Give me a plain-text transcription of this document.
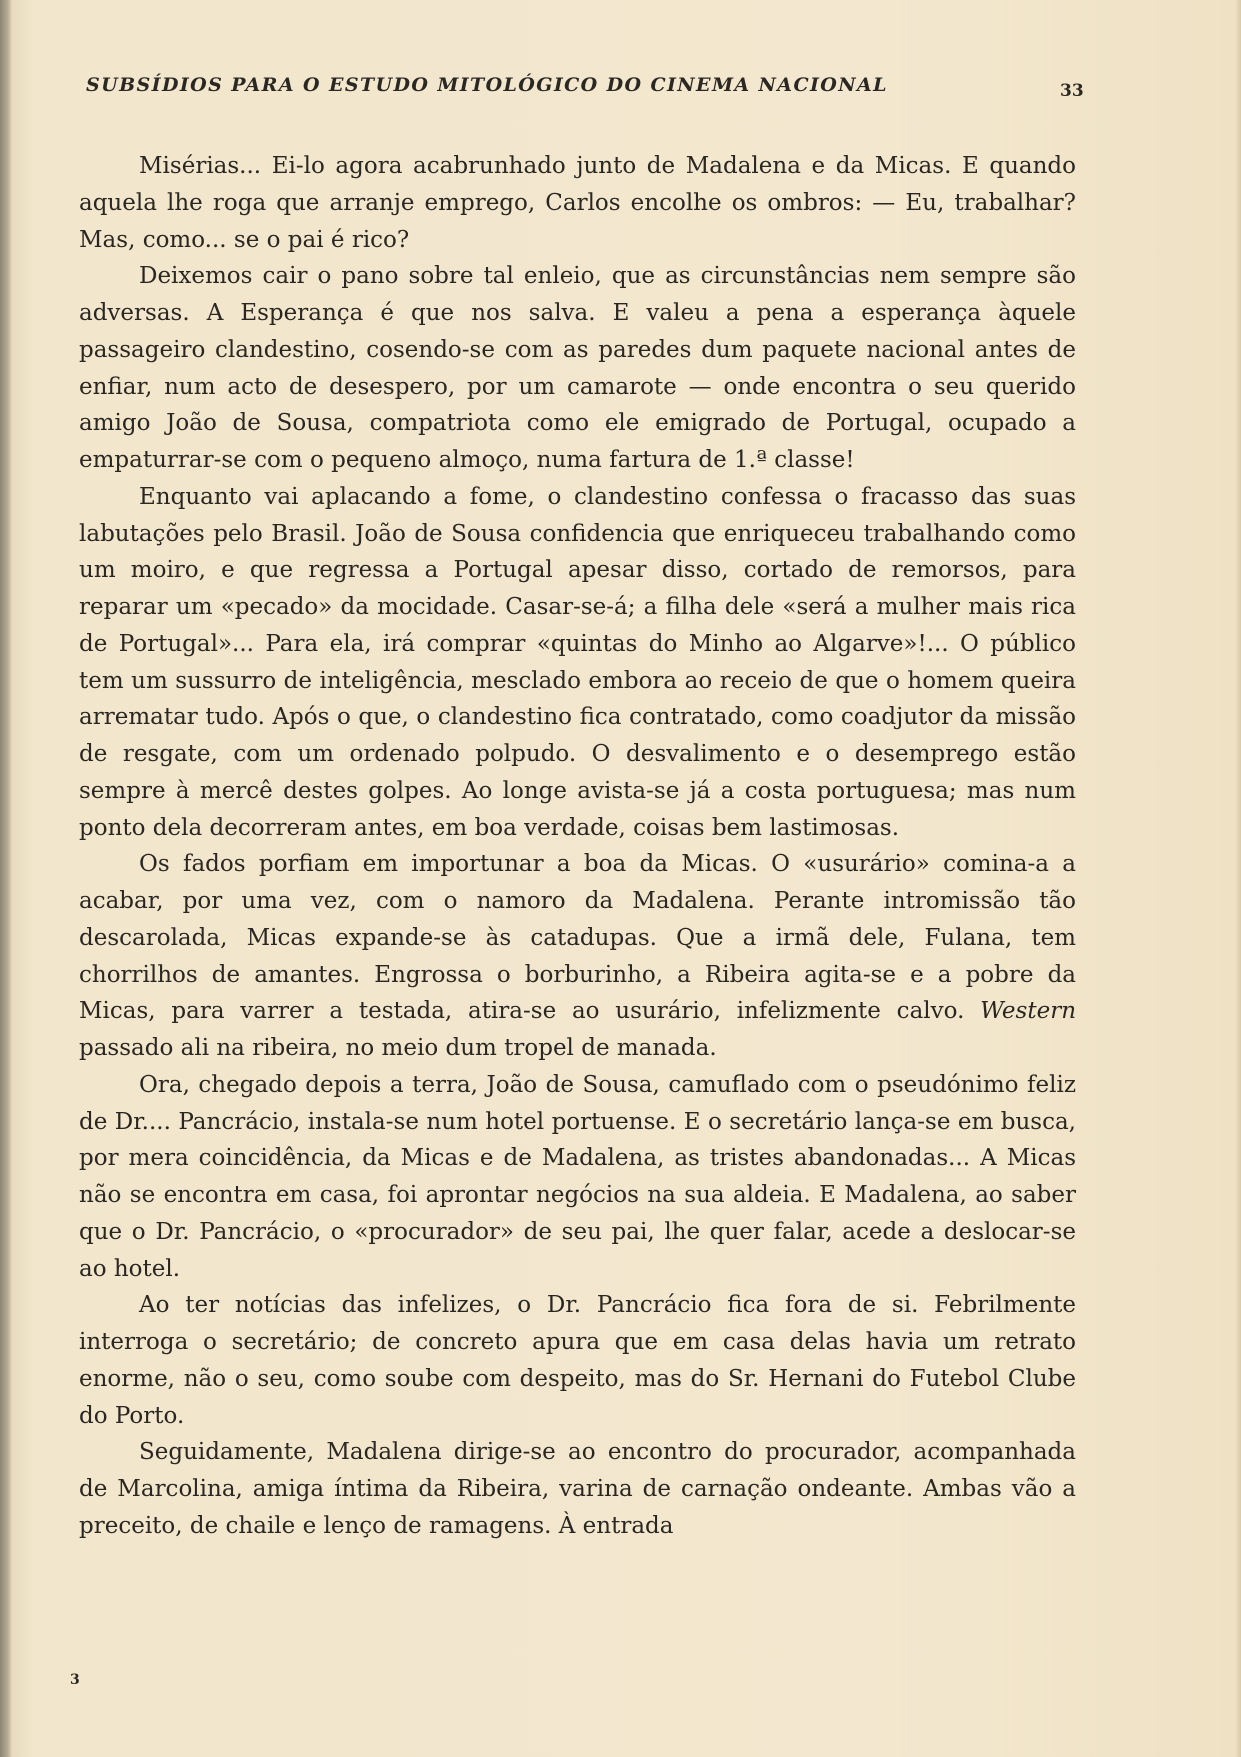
SUBSÍDIOS PARA O ESTUDO MITOLÓGICO DO CINEMA NACIONAL	33

Misérias... Ei-lo agora acabrunhado junto de Madalena e da Micas. E quando aquela lhe roga que arranje emprego, Carlos encolhe os ombros: — Eu, trabalhar? Mas, como... se o pai é rico?

Deixemos cair o pano sobre tal enleio, que as circunstâncias nem sempre são adversas. A Esperança é que nos salva. E valeu a pena a esperança àquele passageiro clandestino, cosendo-se com as paredes dum paquete nacional antes de enfiar, num acto de desespero, por um camarote — onde encontra o seu querido amigo João de Sousa, compatriota como ele emigrado de Portugal, ocupado a empaturrar-se com o pequeno almoço, numa fartura de 1.ª classe!

Enquanto vai aplacando a fome, o clandestino confessa o fracasso das suas labutações pelo Brasil. João de Sousa confidencia que enriqueceu trabalhando como um moiro, e que regressa a Portugal apesar disso, cortado de remorsos, para reparar um «pecado» da mocidade. Casar-se-á; a filha dele «será a mulher mais rica de Portugal»... Para ela, irá comprar «quintas do Minho ao Algarve»!... O público tem um sussurro de inteligência, mesclado embora ao receio de que o homem queira arrematar tudo. Após o que, o clandestino fica contratado, como coadjutor da missão de resgate, com um ordenado polpudo. O desvalimento e o desemprego estão sempre à mercê destes golpes. Ao longe avista-se já a costa portuguesa; mas num ponto dela decorreram antes, em boa verdade, coisas bem lastimosas.

Os fados porfiam em importunar a boa da Micas. O «usurário» comina-a a acabar, por uma vez, com o namoro da Madalena. Perante intromissão tão descarolada, Micas expande-se às catadupas. Que a irmã dele, Fulana, tem chorrilhos de amantes. Engrossa o borburinho, a Ribeira agita-se e a pobre da Micas, para varrer a testada, atira-se ao usurário, infelizmente calvo. Western passado ali na ribeira, no meio dum tropel de manada.

Ora, chegado depois a terra, João de Sousa, camuflado com o pseudónimo feliz de Dr.... Pancrácio, instala-se num hotel portuense. E o secretário lança-se em busca, por mera coincidência, da Micas e de Madalena, as tristes abandonadas... A Micas não se encontra em casa, foi aprontar negócios na sua aldeia. E Madalena, ao saber que o Dr. Pancrácio, o «procurador» de seu pai, lhe quer falar, acede a deslocar-se ao hotel.

Ao ter notícias das infelizes, o Dr. Pancrácio fica fora de si. Febrilmente interroga o secretário; de concreto apura que em casa delas havia um retrato enorme, não o seu, como soube com despeito, mas do Sr. Hernani do Futebol Clube do Porto.

Seguidamente, Madalena dirige-se ao encontro do procurador, acompanhada de Marcolina, amiga íntima da Ribeira, varina de carnação ondeante. Ambas vão a preceito, de chaile e lenço de ramagens. À entrada

3
